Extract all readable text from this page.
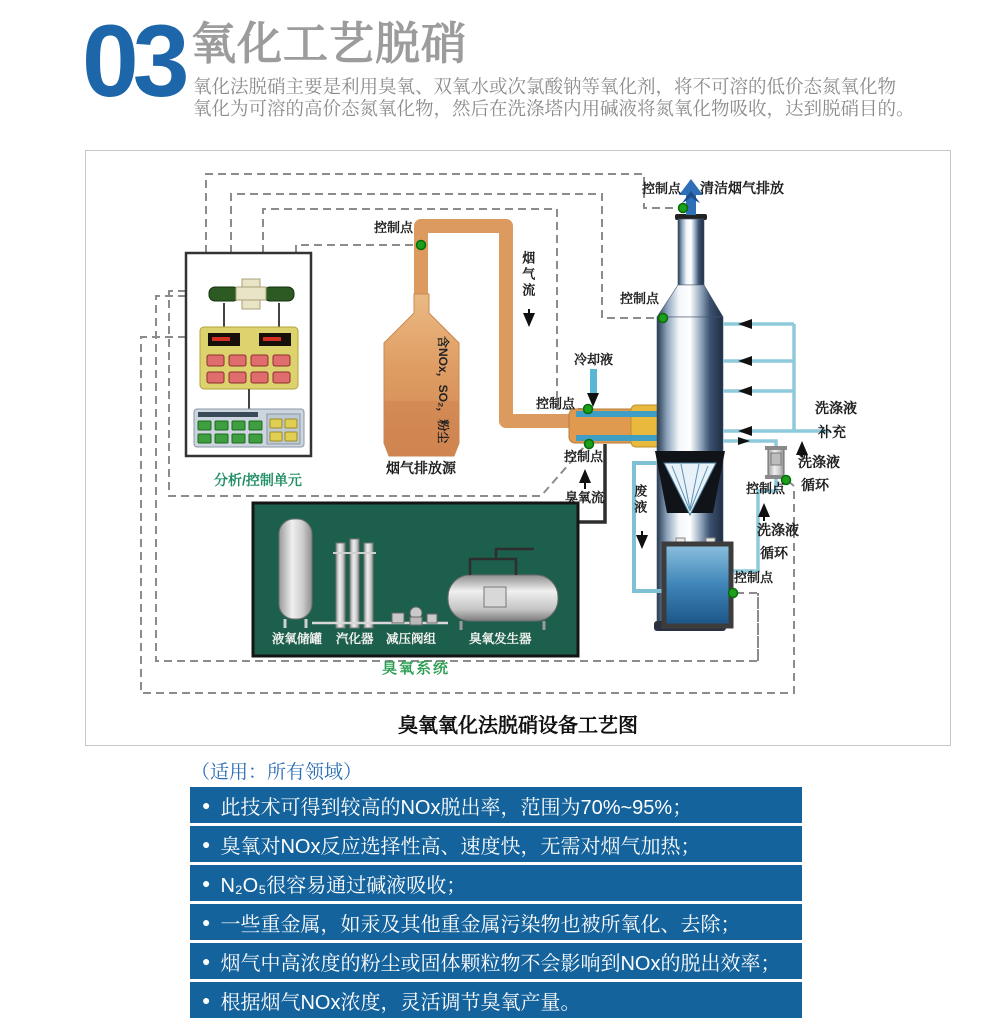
03 氧化工艺脱硝
氧化法脱硝主要是利用臭氧、双氧水或次氯酸钠等氧化剂，将不可溶的低价态氮氧化物
氧化为可溶的高价态氮氧化物，然后在洗涤塔内用碱液将氮氧化物吸收，达到脱硝目的。
控制点 清洁烟气排放
控制点
控制点
烟气流
冷却液
控制点
控制点
臭氧流
含NOx，SO₂，粉尘
烟气排放源
洗涤液
补充
洗涤液
循环
控制点
洗涤液
循环
废液
控制点
分析/控制单元
液氧储罐 汽化器 减压阀组	臭氧发生器
臭氧系统
臭氧氧化法脱硝设备工艺图
（适用：所有领域）
● 此技术可得到较高的NOx脱出率，范围为70%~95%；
● 臭氧对NOx反应选择性高、速度快，无需对烟气加热；
● N₂O₅很容易通过碱液吸收；
● 一些重金属，如汞及其他重金属污染物也被所氧化、去除；
● 烟气中高浓度的粉尘或固体颗粒物不会影响到NOx的脱出效率；
● 根据烟气NOx浓度，灵活调节臭氧产量。
